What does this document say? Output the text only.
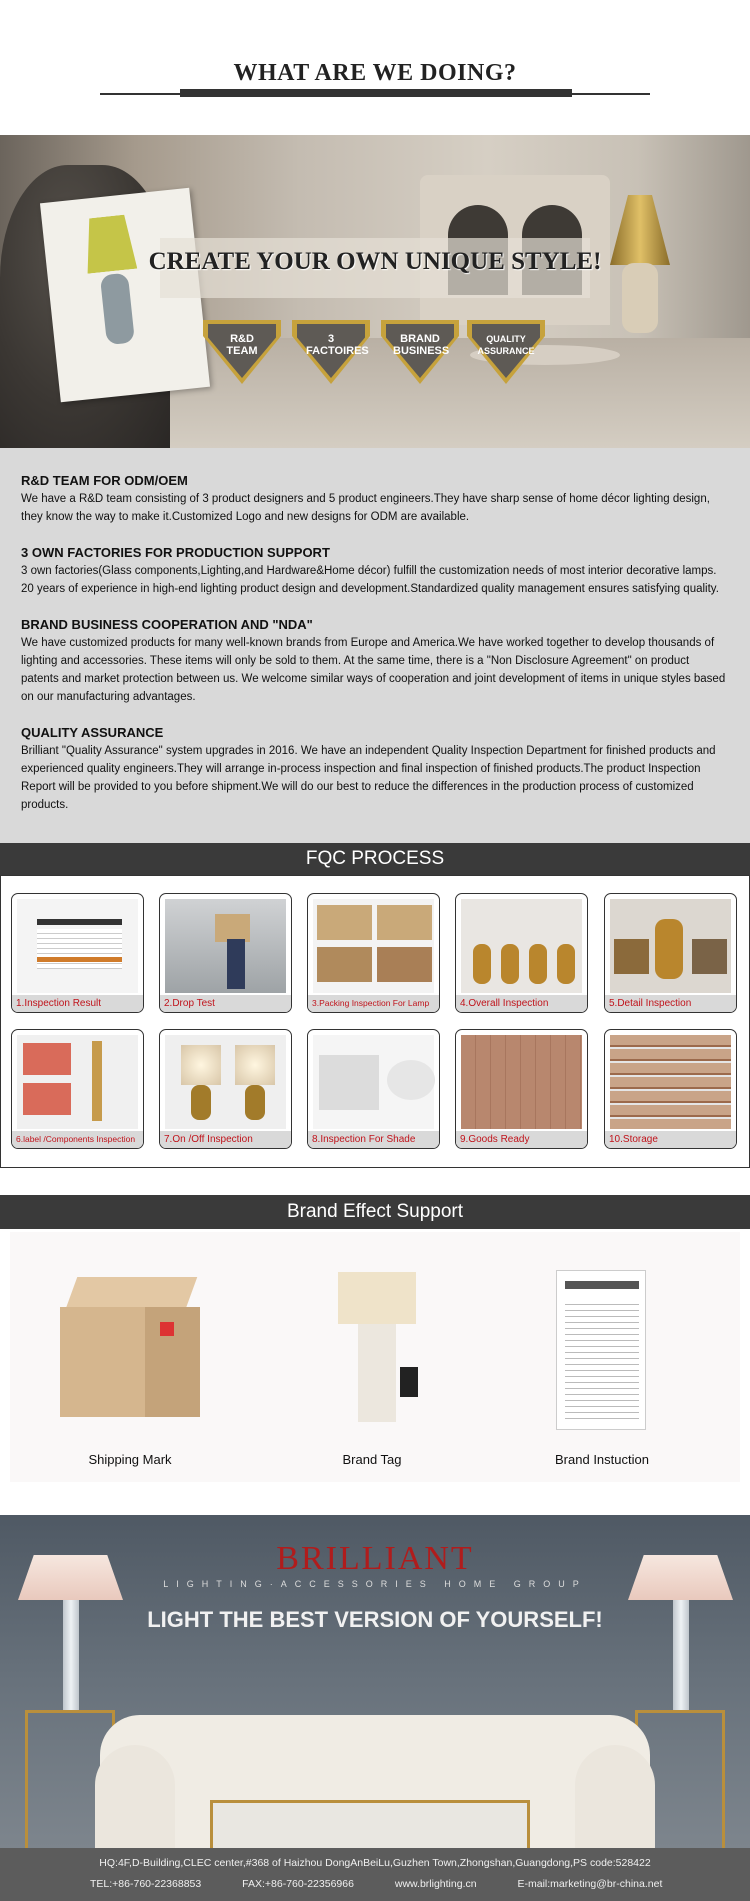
WHAT ARE WE DOING?
CREATE YOUR OWN UNIQUE STYLE!
R&D TEAM
3 FACTOIRES
BRAND BUSINESS
QUALITY ASSURANCE
R&D TEAM FOR ODM/OEM

We have a R&D team consisting of 3 product designers and 5 product engineers.They have sharp sense of home décor lighting design, they know the way to make it.Customized Logo and new designs for ODM are available.

3 OWN FACTORIES FOR PRODUCTION SUPPORT

3 own factories(Glass components,Lighting,and Hardware&Home décor) fulfill the customization needs of most interior decorative lamps. 20 years of experience in high-end lighting product design and development.Standardized quality management ensures satisfying quality.

BRAND BUSINESS COOPERATION AND "NDA"

We have customized products for many well-known brands from Europe and America.We have worked together to develop thousands of lighting and accessories. These items will only be sold to them. At the same time, there is a "Non Disclosure Agreement" on product patents and market protection between us. We welcome similar ways of cooperation and joint development of items in unique styles based on our manufacturing advantages.

QUALITY ASSURANCE

Brilliant "Quality Assurance" system upgrades in 2016. We have an independent Quality Inspection Department for finished products and experienced quality engineers.They will arrange in-process inspection and final inspection of finished products.The product Inspection Report will be provided to you before shipment.We will do our best to reduce the differences in the production process of customized products.

FQC PROCESS
1.Inspection Result	2.Drop Test	3.Packing Inspection For Lamp	4.Overall Inspection	5.Detail Inspection
6.label /Components Inspection	7.On /Off Inspection	8.Inspection For Shade	9.Goods Ready	10.Storage
Brand Effect Support
Shipping Mark	Brand Tag	Brand Instuction
BRILLIANT
LIGHTING·ACCESSORIES HOME GROUP
LIGHT THE BEST VERSION OF YOURSELF!
HQ:4F,D-Building,CLEC center,#368 of Haizhou DongAnBeiLu,Guzhen Town,Zhongshan,Guangdong,PS code:528422
TEL:+86-760-22368853	FAX:+86-760-22356966	www.brlighting.cn	E-mail:marketing@br-china.net
